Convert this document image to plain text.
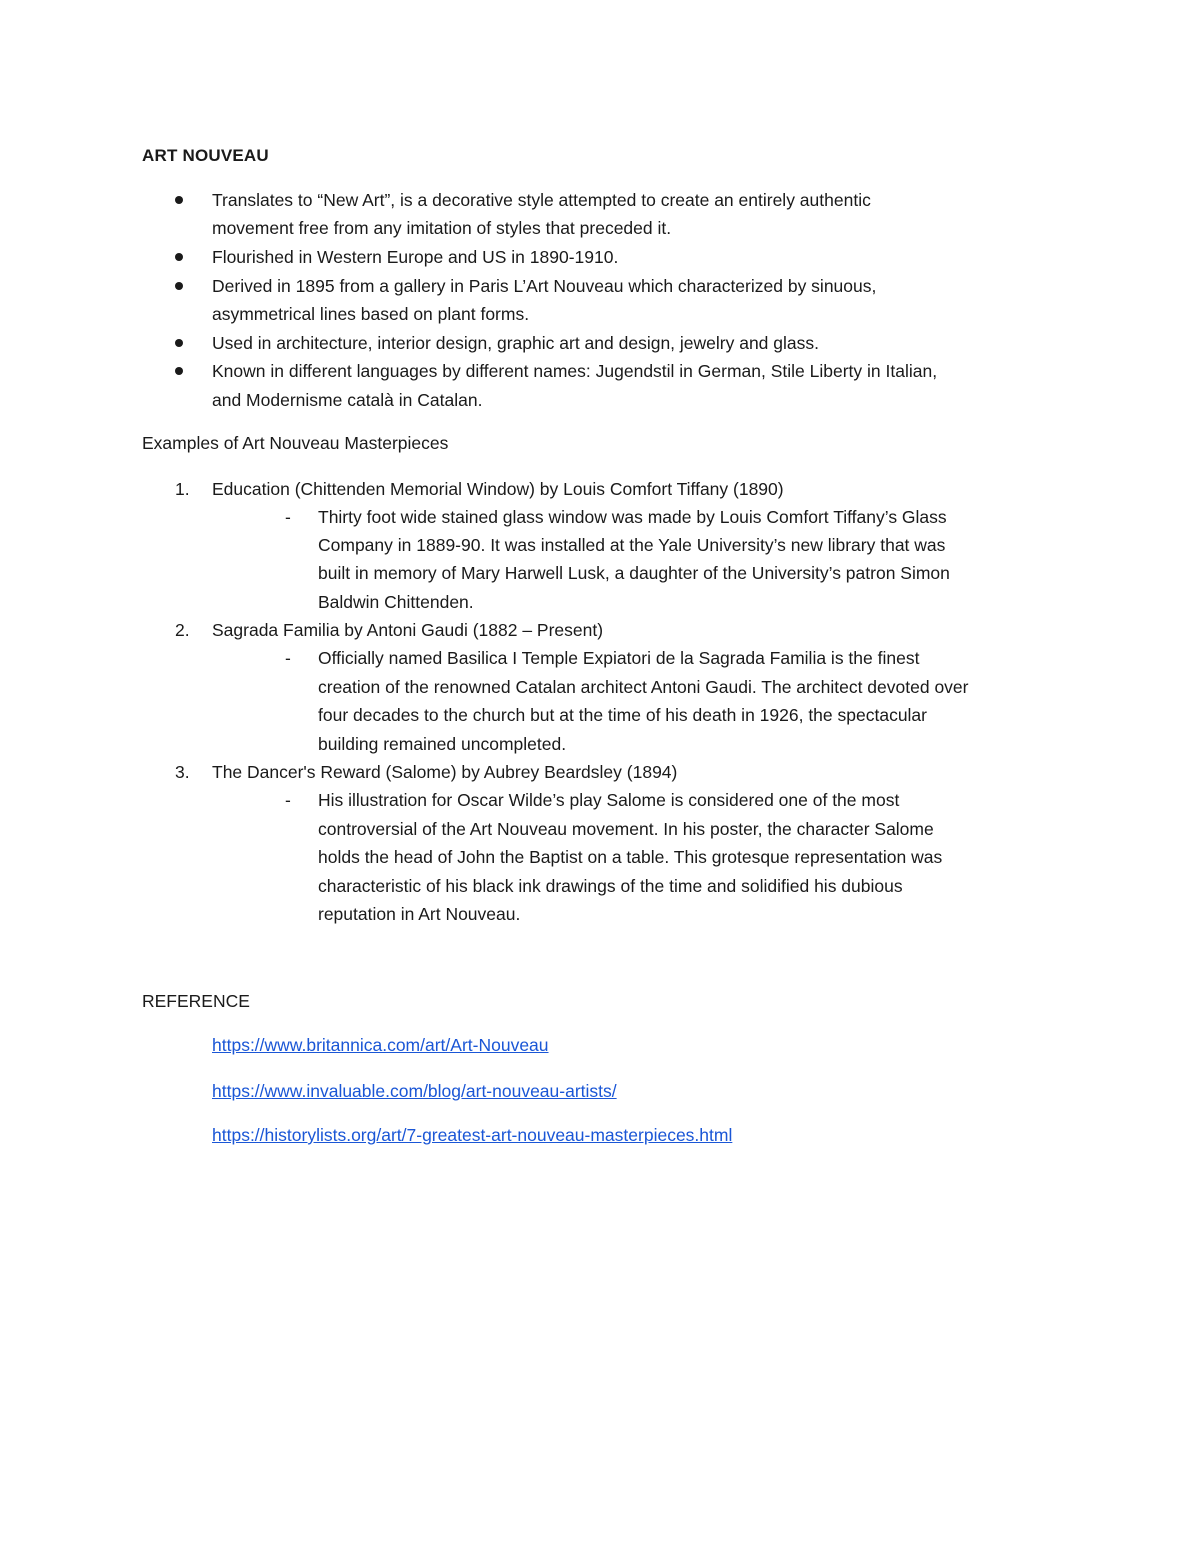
ART NOUVEAU
Translates to “New Art”, is a decorative style attempted to create an entirely authentic
movement free from any imitation of styles that preceded it.
Flourished in Western Europe and US in 1890-1910.
Derived in 1895 from a gallery in Paris L’Art Nouveau which characterized by sinuous,
asymmetrical lines based on plant forms.
Used in architecture, interior design, graphic art and design, jewelry and glass.
Known in different languages by different names: Jugendstil in German, Stile Liberty in Italian,
and Modernisme català in Catalan.
Examples of Art Nouveau Masterpieces
1. Education (Chittenden Memorial Window) by Louis Comfort Tiffany (1890)
- Thirty foot wide stained glass window was made by Louis Comfort Tiffany’s Glass
Company in 1889-90. It was installed at the Yale University’s new library that was
built in memory of Mary Harwell Lusk, a daughter of the University’s patron Simon
Baldwin Chittenden.
2. Sagrada Familia by Antoni Gaudi (1882 – Present)
- Officially named Basilica I Temple Expiatori de la Sagrada Familia is the finest
creation of the renowned Catalan architect Antoni Gaudi. The architect devoted over
four decades to the church but at the time of his death in 1926, the spectacular
building remained uncompleted.
3. The Dancer's Reward (Salome) by Aubrey Beardsley (1894)
- His illustration for Oscar Wilde’s play Salome is considered one of the most
controversial of the Art Nouveau movement. In his poster, the character Salome
holds the head of John the Baptist on a table. This grotesque representation was
characteristic of his black ink drawings of the time and solidified his dubious
reputation in Art Nouveau.
REFERENCE
https://www.britannica.com/art/Art-Nouveau
https://www.invaluable.com/blog/art-nouveau-artists/
https://historylists.org/art/7-greatest-art-nouveau-masterpieces.html
